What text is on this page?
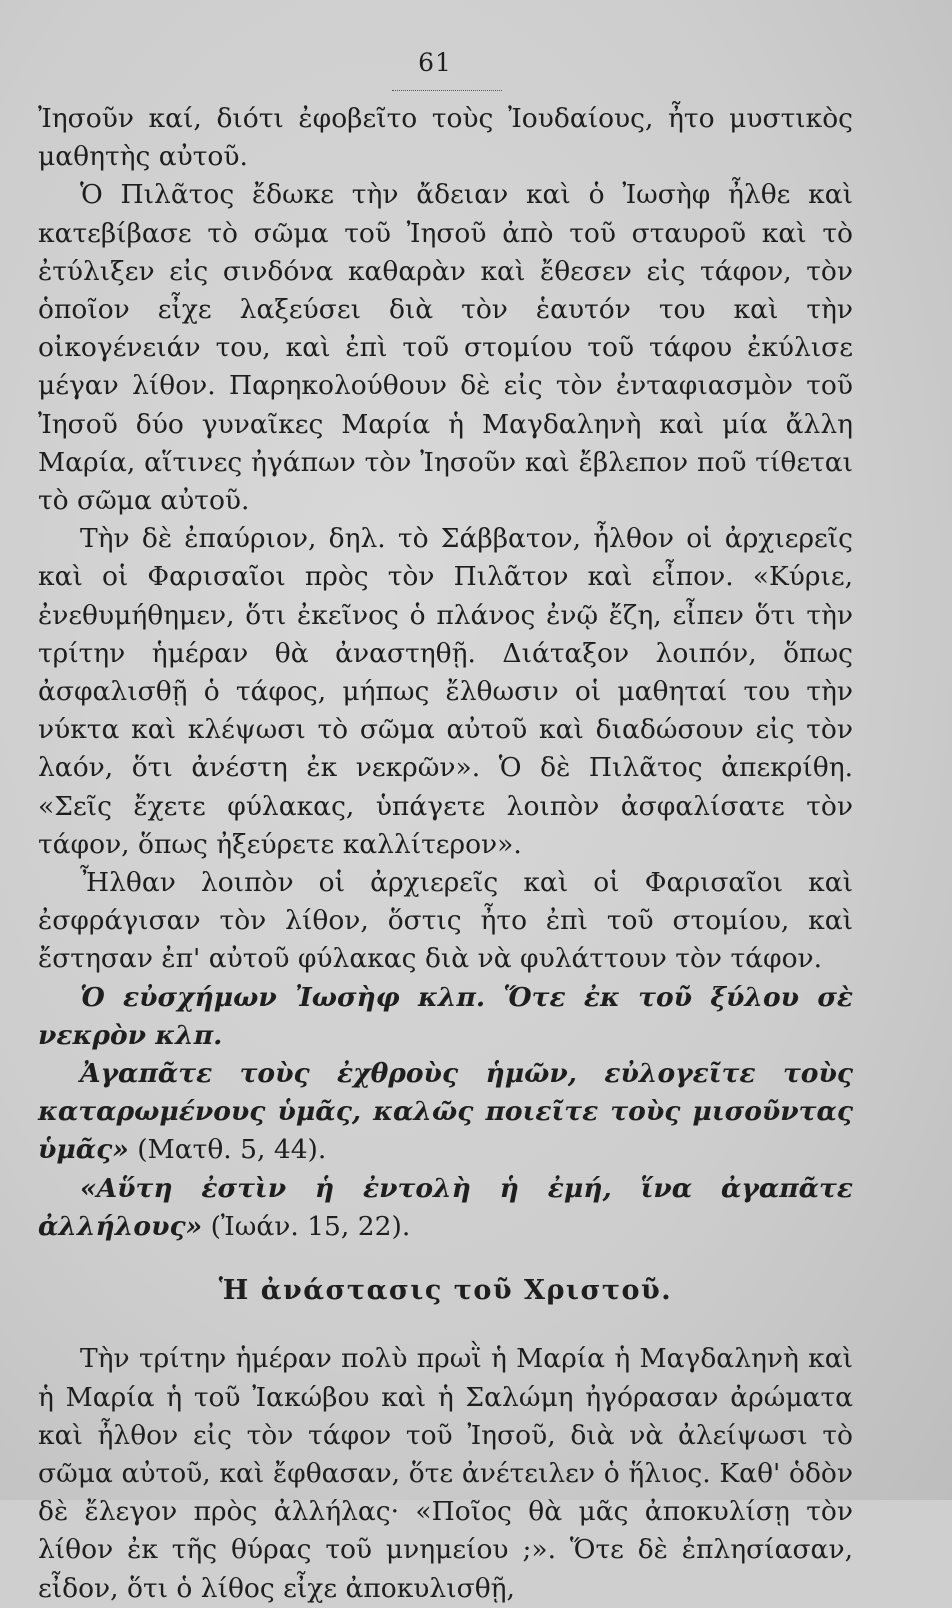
61

Ἰησοῦν καί, διότι ἐφοβεῖτο τοὺς Ἰουδαίους, ἦτο μυστικὸς μαθητὴς αὐτοῦ.

Ὁ Πιλᾶτος ἔδωκε τὴν ἄδειαν καὶ ὁ Ἰωσὴφ ἦλθε καὶ κατεβίβασε τὸ σῶμα τοῦ Ἰησοῦ ἀπὸ τοῦ σταυροῦ καὶ τὸ ἐτύλιξεν εἰς σινδόνα καθαρὰν καὶ ἔθεσεν εἰς τάφον, τὸν ὁποῖον εἶχε λαξεύσει διὰ τὸν ἑαυτόν του καὶ τὴν οἰκογένειάν του, καὶ ἐπὶ τοῦ στομίου τοῦ τάφου ἐκύλισε μέγαν λίθον. Παρηκολούθουν δὲ εἰς τὸν ἐνταφιασμὸν τοῦ Ἰησοῦ δύο γυναῖκες Μαρία ἡ Μαγδαληνὴ καὶ μία ἄλλη Μαρία, αἵτινες ἠγάπων τὸν Ἰησοῦν καὶ ἔβλεπον ποῦ τίθεται τὸ σῶμα αὐτοῦ.

Τὴν δὲ ἐπαύριον, δηλ. τὸ Σάββατον, ἦλθον οἱ ἀρχιερεῖς καὶ οἱ Φαρισαῖοι πρὸς τὸν Πιλᾶτον καὶ εἶπον. «Κύριε, ἐνεθυμήθημεν, ὅτι ἐκεῖνος ὁ πλάνος ἐνῷ ἔζη, εἶπεν ὅτι τὴν τρίτην ἡμέραν θὰ ἀναστηθῇ. Διάταξον λοιπόν, ὅπως ἀσφαλισθῇ ὁ τάφος, μήπως ἔλθωσιν οἱ μαθηταί του τὴν νύκτα καὶ κλέψωσι τὸ σῶμα αὐτοῦ καὶ διαδώσουν εἰς τὸν λαόν, ὅτι ἀνέστη ἐκ νεκρῶν». Ὁ δὲ Πιλᾶτος ἀπεκρίθη. «Σεῖς ἔχετε φύλακας, ὑπάγετε λοιπὸν ἀσφαλίσατε τὸν τάφον, ὅπως ἠξεύρετε καλλίτερον».

Ἦλθαν λοιπὸν οἱ ἀρχιερεῖς καὶ οἱ Φαρισαῖοι καὶ ἐσφράγισαν τὸν λίθον, ὅστις ἦτο ἐπὶ τοῦ στομίου, καὶ ἔστησαν ἐπ' αὐτοῦ φύλακας διὰ νὰ φυλάττουν τὸν τάφον.

Ὁ εὐσχήμων Ἰωσὴφ κλπ. Ὅτε ἐκ τοῦ ξύλου σὲ νεκρὸν κλπ.

Ἀγαπᾶτε τοὺς ἐχθροὺς ἡμῶν, εὐλογεῖτε τοὺς καταρωμένους ὑμᾶς, καλῶς ποιεῖτε τοὺς μισοῦντας ὑμᾶς» (Ματθ. 5, 44).

«Αὕτη ἐστὶν ἡ ἐντολὴ ἡ ἐμή, ἵνα ἀγαπᾶτε ἀλλήλους» (Ἰωάν. 15, 22).

Ἡ ἀνάστασις τοῦ Χριστοῦ.

Τὴν τρίτην ἡμέραν πολὺ πρωῒ ἡ Μαρία ἡ Μαγδαληνὴ καὶ ἡ Μαρία ἡ τοῦ Ἰακώβου καὶ ἡ Σαλώμη ἠγόρασαν ἀρώματα καὶ ἦλθον εἰς τὸν τάφον τοῦ Ἰησοῦ, διὰ νὰ ἀλείψωσι τὸ σῶμα αὐτοῦ, καὶ ἔφθασαν, ὅτε ἀνέτειλεν ὁ ἥλιος. Καθ' ὁδὸν δὲ ἔλεγον πρὸς ἀλλήλας· «Ποῖος θὰ μᾶς ἀποκυλίσῃ τὸν λίθον ἐκ τῆς θύρας τοῦ μνημείου ;». Ὅτε δὲ ἐπλησίασαν, εἶδον, ὅτι ὁ λίθος εἶχε ἀποκυλισθῇ,
